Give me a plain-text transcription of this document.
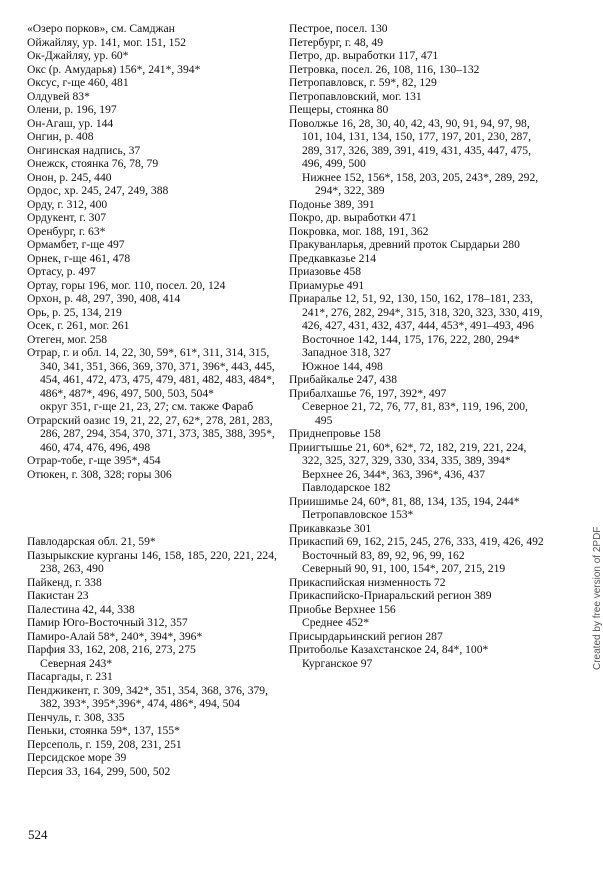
«Озеро порков», см. Самджан
Ойжайляу, ур. 141, мог. 151, 152
Ок-Джайляу, ур. 60*
Окс (р. Амударья) 156*, 241*, 394*
Оксус, г-ще 460, 481
Олдувей 83*
Олени, р. 196, 197
Он-Агаш, ур. 144
Онгин, р. 408
Онгинская надпись, 37
Онежск, стоянка 76, 78, 79
Онон, р. 245, 440
Ордос, хр. 245, 247, 249, 388
Орду, г. 312, 400
Ордукент, г. 307
Оренбург, г. 63*
Ормамбет, г-ще 497
Орнек, г-ще 461, 478
Ортасу, р. 497
Ортау, горы 196, мог. 110, посел. 20, 124
Орхон, р. 48, 297, 390, 408, 414
Орь, р. 25, 134, 219
Осек, г. 261, мог. 261
Отеген, мог. 258
Отрар, г. и обл. 14, 22, 30, 59*, 61*, 311, 314, 315, 340, 341, 351, 366, 369, 370, 371, 396*, 443, 445, 454, 461, 472, 473, 475, 479, 481, 482, 483, 484*, 486*, 487*, 496, 497, 500, 503, 504*
округ 351, г-ще 21, 23, 27; см. также Фараб
Отрарский оазис 19, 21, 22, 27, 62*, 278, 281, 283, 286, 287, 294, 354, 370, 371, 373, 385, 388, 395*, 460, 474, 476, 496, 498
Отрар-тобе, г-ще 395*, 454
Отюкен, г. 308, 328; горы 306
Павлодарская обл. 21, 59*
Пазырыкские курганы 146, 158, 185, 220, 221, 224, 238, 263, 490
Пайкенд, г. 338
Пакистан 23
Палестина 42, 44, 338
Памир Юго-Восточный 312, 357
Памиро-Алай 58*, 240*, 394*, 396*
Парфия 33, 162, 208, 216, 273, 275
Северная 243*
Пасаргады, г. 231
Пенджикент, г. 309, 342*, 351, 354, 368, 376, 379, 382, 393*, 395*,396*, 474, 486*, 494, 504
Пенчуль, г. 308, 335
Пеньки, стоянка 59*, 137, 155*
Персеполь, г. 159, 208, 231, 251
Персидское море 39
Персия 33, 164, 299, 500, 502
Пестрое, посел. 130
Петербург, г. 48, 49
Петро, др. выработки 117, 471
Петровка, посел. 26, 108, 116, 130–132
Петропавловск, г. 59*, 82, 129
Петропавловский, мог. 131
Пещеры, стоянка 80
Поволжье 16, 28, 30, 40, 42, 43, 90, 91, 94, 97, 98, 101, 104, 131, 134, 150, 177, 197, 201, 230, 287, 289, 317, 326, 389, 391, 419, 431, 435, 447, 475, 496, 499, 500
Нижнее 152, 156*, 158, 203, 205, 243*, 289, 292, 294*, 322, 389
Подонье 389, 391
Покро, др. выработки 471
Покровка, мог. 188, 191, 362
Пракуванларья, древний проток Сырдарьи 280
Предкавказье 214
Приазовье 458
Приамурье 491
Приаралье 12, 51, 92, 130, 150, 162, 178–181, 233, 241*, 276, 282, 294*, 315, 318, 320, 323, 330, 419, 426, 427, 431, 432, 437, 444, 453*, 491–493, 496
Восточное 142, 144, 175, 176, 222, 280, 294*
Западное 318, 327
Южное 144, 498
Прибайкалье 247, 438
Прибалхашье 76, 197, 392*, 497
Северное 21, 72, 76, 77, 81, 83*, 119, 196, 200, 495
Приднепровье 158
Приигтышье 21, 60*, 62*, 72, 182, 219, 221, 224, 322, 325, 327, 329, 330, 334, 335, 389, 394*
Верхнее 26, 344*, 363, 396*, 436, 437
Павлодарское 182
Приишимье 24, 60*, 81, 88, 134, 135, 194, 244*
Петропавловское 153*
Прикавказье 301
Прикаспий 69, 162, 215, 245, 276, 333, 419, 426, 492
Восточный 83, 89, 92, 96, 99, 162
Северный 90, 91, 100, 154*, 207, 215, 219
Прикаспийская низменность 72
Прикаспийско-Приаральский регион 389
Приобье Верхнее 156
Среднее 452*
Присырдарьинский регион 287
Притоболье Казахстанское 24, 84*, 100*
Курганское 97
524
Created by free version of 2PDF
